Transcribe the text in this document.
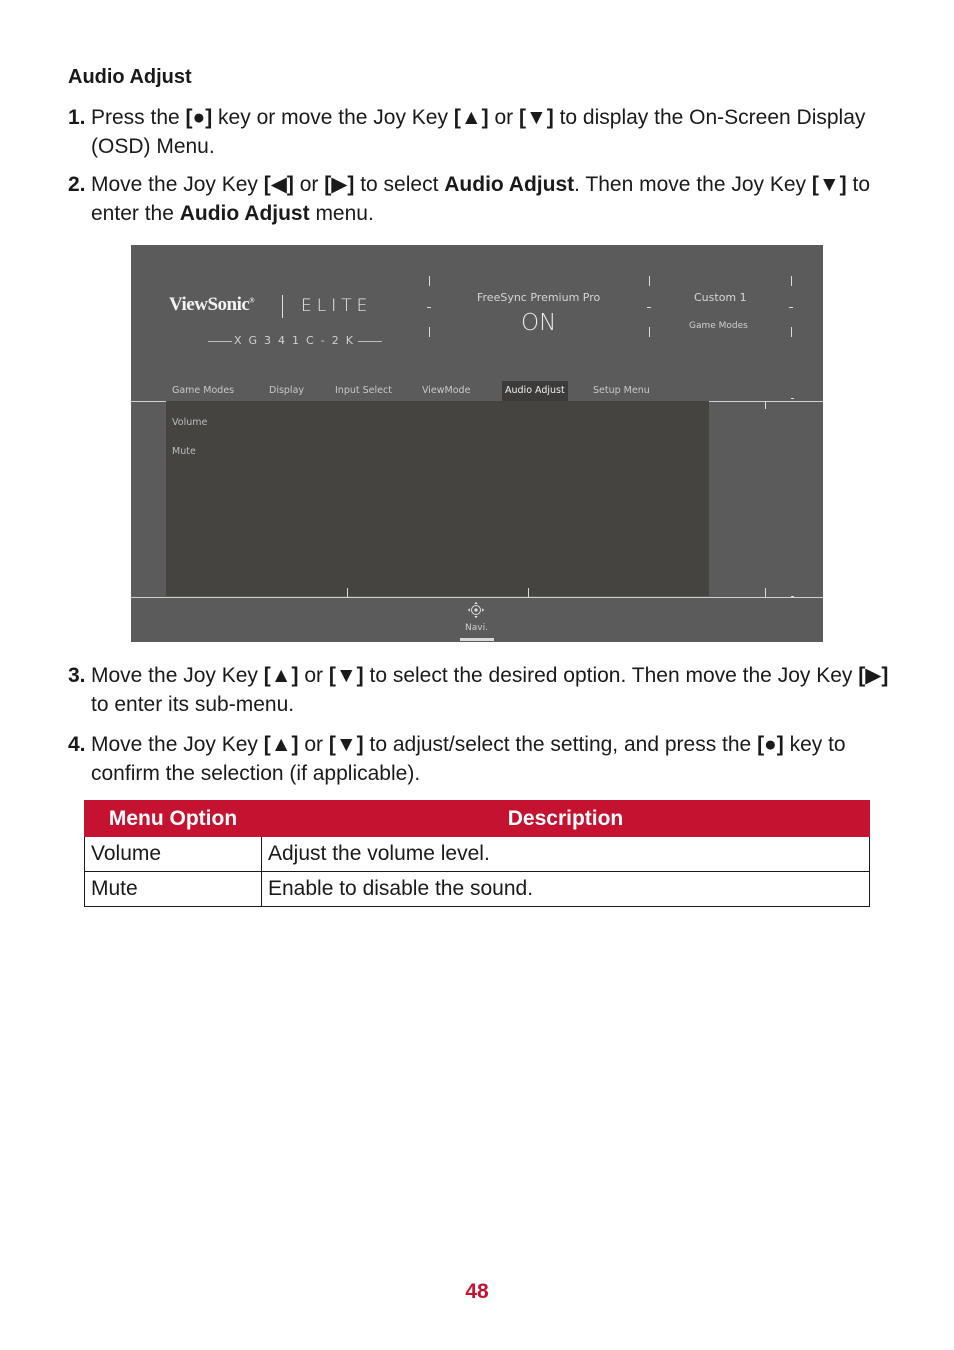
Audio Adjust
1. Press the [●] key or move the Joy Key [▲] or [▼] to display the On-Screen Display (OSD) Menu.
2. Move the Joy Key [◀] or [▶] to select Audio Adjust. Then move the Joy Key [▼] to enter the Audio Adjust menu.
ViewSonic®	ELITE
XG341C-2K
FreeSync Premium Pro
ON
Custom 1
Game Modes
Game Modes	Display	Input Select	ViewMode	Audio Adjust	Setup Menu
Volume
Mute
Navi.
3. Move the Joy Key [▲] or [▼] to select the desired option. Then move the Joy Key [▶] to enter its sub-menu.
4. Move the Joy Key [▲] or [▼] to adjust/select the setting, and press the [●] key to confirm the selection (if applicable).
Menu Option	Description
Volume	Adjust the volume level.
Mute	Enable to disable the sound.
48
